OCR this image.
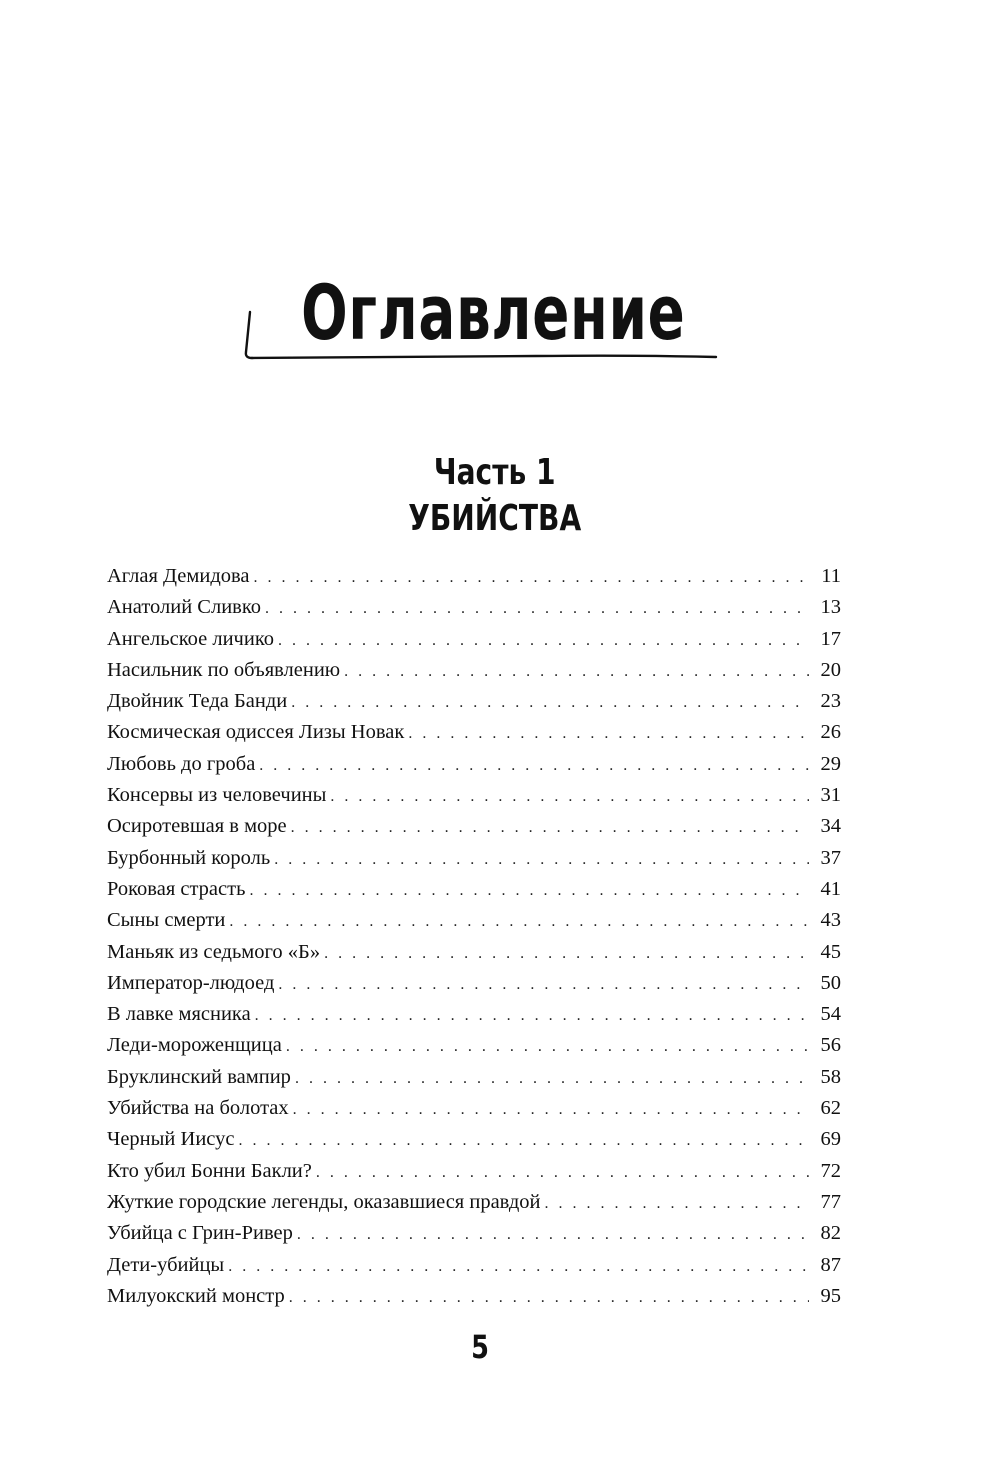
Оглавление
Часть 1
УБИЙСТВА
Аглая Демидова . . .	11
Анатолий Сливко . . .	13
Ангельское личико . . .	17
Насильник по объявлению . . .	20
Двойник Теда Банди . . .	23
Космическая одиссея Лизы Новак . . .	26
Любовь до гроба . . .	29
Консервы из человечины . . .	31
Осиротевшая в море . . .	34
Бурбонный король . . .	37
Роковая страсть . . .	41
Сыны смерти . . .	43
Маньяк из седьмого «Б» . . .	45
Император-людоед . . .	50
В лавке мясника . . .	54
Леди-мороженщица . . .	56
Бруклинский вампир . . .	58
Убийства на болотах . . .	62
Черный Иисус . . .	69
Кто убил Бонни Бакли? . . .	72
Жуткие городские легенды, оказавшиеся правдой . . .	77
Убийца с Грин-Ривер . . .	82
Дети-убийцы . . .	87
Милуокский монстр . . .	95
5
